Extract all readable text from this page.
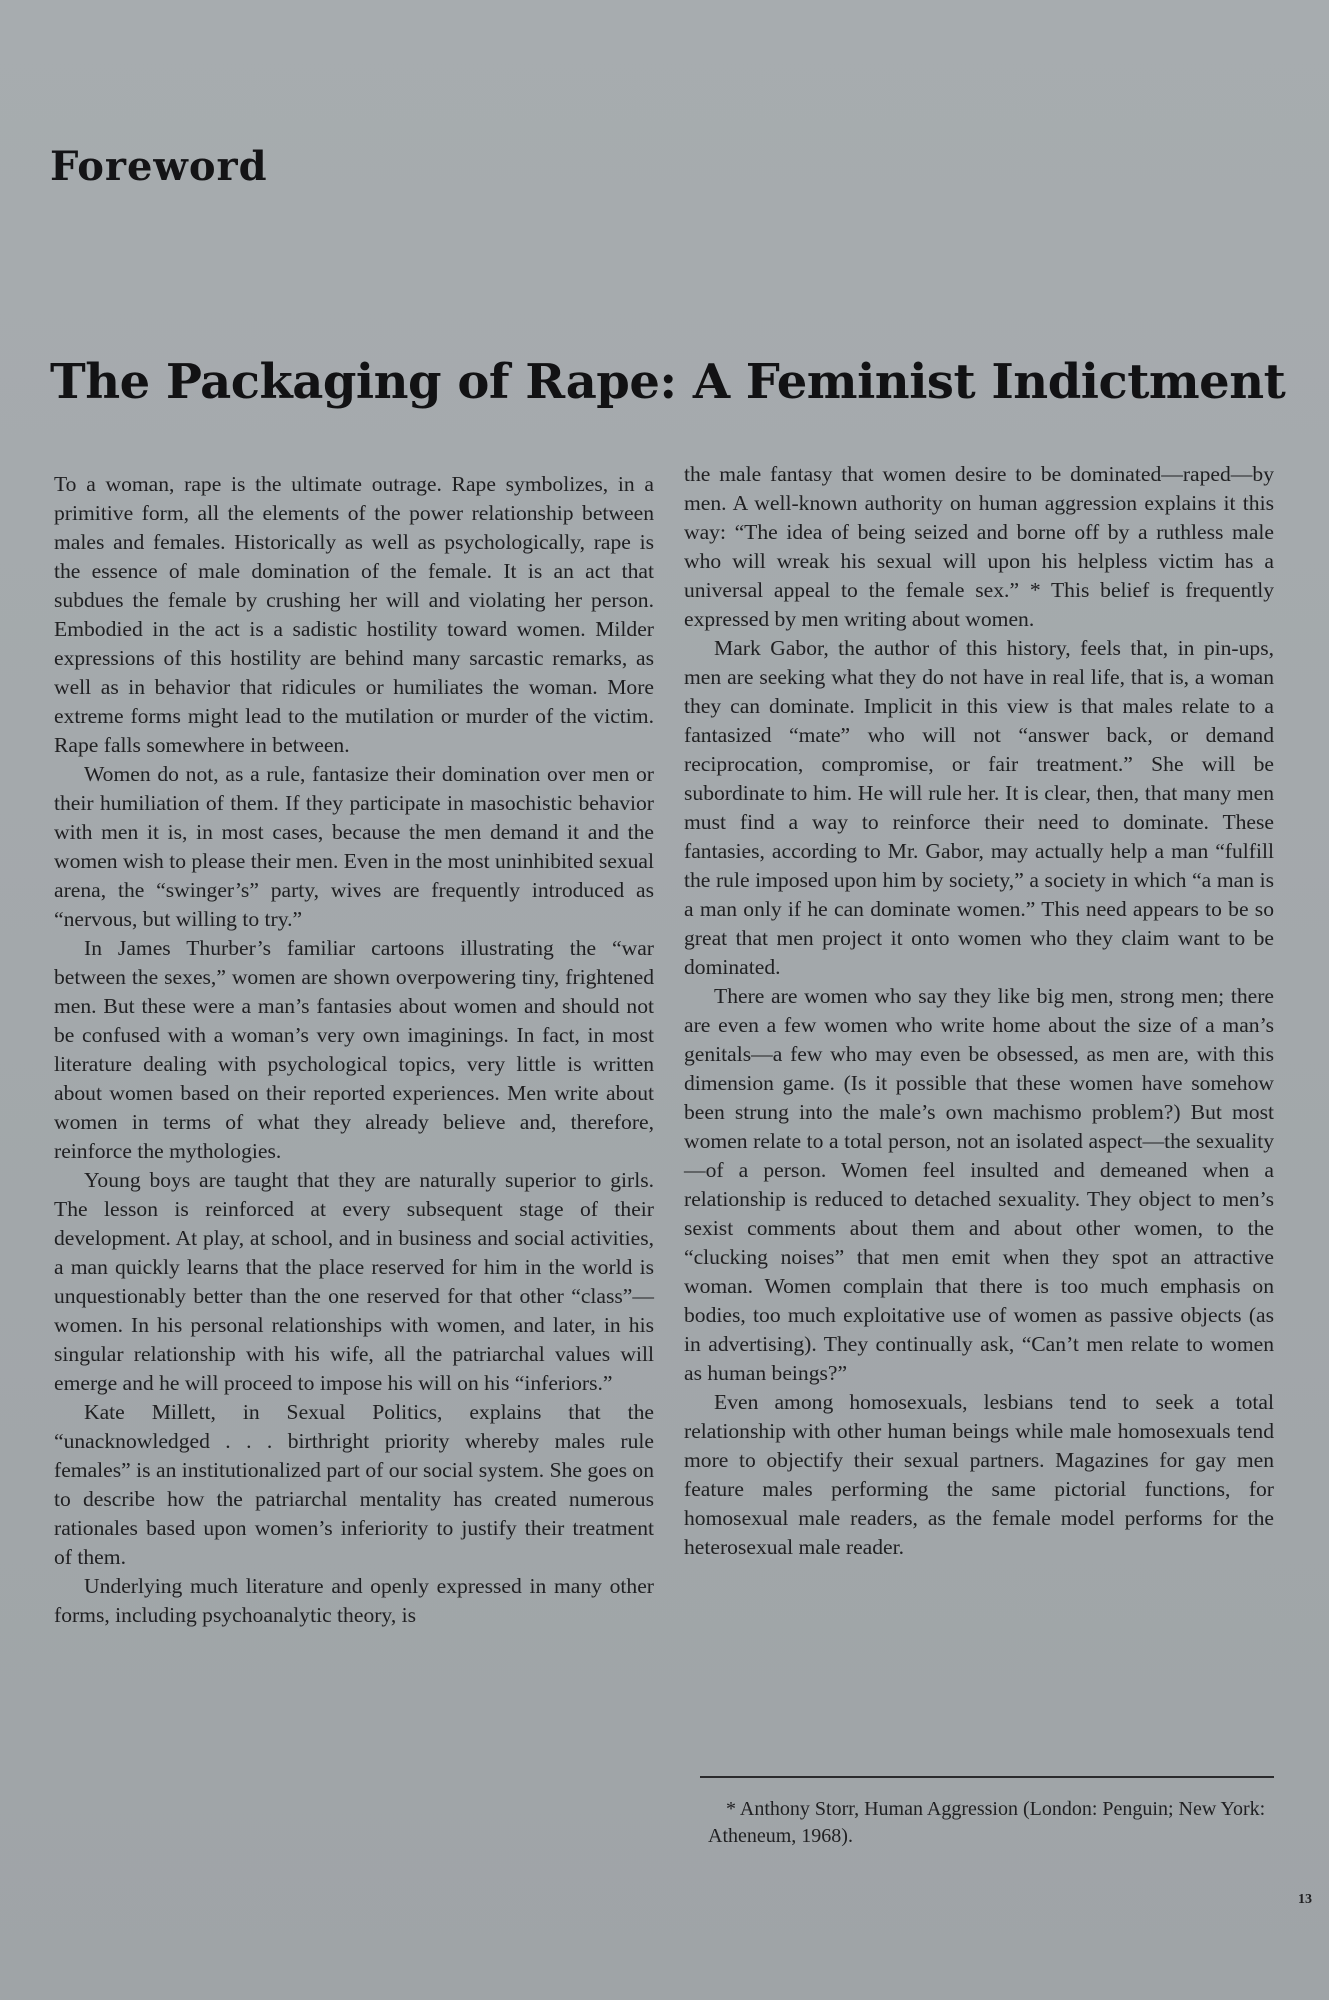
Foreword
The Packaging of Rape: A Feminist Indictment

To a woman, rape is the ultimate outrage. Rape symbolizes, in a primitive form, all the elements of the power relationship between males and females. Historically as well as psychologically, rape is the essence of male domination of the female. It is an act that subdues the female by crushing her will and violating her person. Embodied in the act is a sadistic hostility toward women. Milder expressions of this hostility are behind many sarcastic remarks, as well as in behavior that ridicules or humiliates the woman. More extreme forms might lead to the mutilation or murder of the victim. Rape falls somewhere in between.

Women do not, as a rule, fantasize their domination over men or their humiliation of them. If they participate in masochistic behavior with men it is, in most cases, because the men demand it and the women wish to please their men. Even in the most uninhibited sexual arena, the “swinger’s” party, wives are frequently introduced as “nervous, but willing to try.”

In James Thurber’s familiar cartoons illustrating the “war between the sexes,” women are shown overpowering tiny, frightened men. But these were a man’s fantasies about women and should not be confused with a woman’s very own imaginings. In fact, in most literature dealing with psychological topics, very little is written about women based on their reported experiences. Men write about women in terms of what they already believe and, therefore, reinforce the mythologies.

Young boys are taught that they are naturally superior to girls. The lesson is reinforced at every subsequent stage of their development. At play, at school, and in business and social activities, a man quickly learns that the place reserved for him in the world is unquestionably better than the one reserved for that other “class”—women. In his personal relationships with women, and later, in his singular relationship with his wife, all the patriarchal values will emerge and he will proceed to impose his will on his “inferiors.”

Kate Millett, in Sexual Politics, explains that the “unacknowledged . . . birthright priority whereby males rule females” is an institutionalized part of our social system. She goes on to describe how the patriarchal mentality has created numerous rationales based upon women’s inferiority to justify their treatment of them.

Underlying much literature and openly expressed in many other forms, including psychoanalytic theory, is

the male fantasy that women desire to be dominated—raped—by men. A well-known authority on human aggression explains it this way: “The idea of being seized and borne off by a ruthless male who will wreak his sexual will upon his helpless victim has a universal appeal to the female sex.” * This belief is frequently expressed by men writing about women.

Mark Gabor, the author of this history, feels that, in pin-ups, men are seeking what they do not have in real life, that is, a woman they can dominate. Implicit in this view is that males relate to a fantasized “mate” who will not “answer back, or demand reciprocation, compromise, or fair treatment.” She will be subordinate to him. He will rule her. It is clear, then, that many men must find a way to reinforce their need to dominate. These fantasies, according to Mr. Gabor, may actually help a man “fulfill the rule imposed upon him by society,” a society in which “a man is a man only if he can dominate women.” This need appears to be so great that men project it onto women who they claim want to be dominated.

There are women who say they like big men, strong men; there are even a few women who write home about the size of a man’s genitals—a few who may even be obsessed, as men are, with this dimension game. (Is it possible that these women have somehow been strung into the male’s own machismo problem?) But most women relate to a total person, not an isolated aspect—the sexuality—of a person. Women feel insulted and demeaned when a relationship is reduced to detached sexuality. They object to men’s sexist comments about them and about other women, to the “clucking noises” that men emit when they spot an attractive woman. Women complain that there is too much emphasis on bodies, too much exploitative use of women as passive objects (as in advertising). They continually ask, “Can’t men relate to women as human beings?”

Even among homosexuals, lesbians tend to seek a total relationship with other human beings while male homosexuals tend more to objectify their sexual partners. Magazines for gay men feature males performing the same pictorial functions, for homosexual male readers, as the female model performs for the heterosexual male reader.

* Anthony Storr, Human Aggression (London: Penguin; New York: Atheneum, 1968).

13
